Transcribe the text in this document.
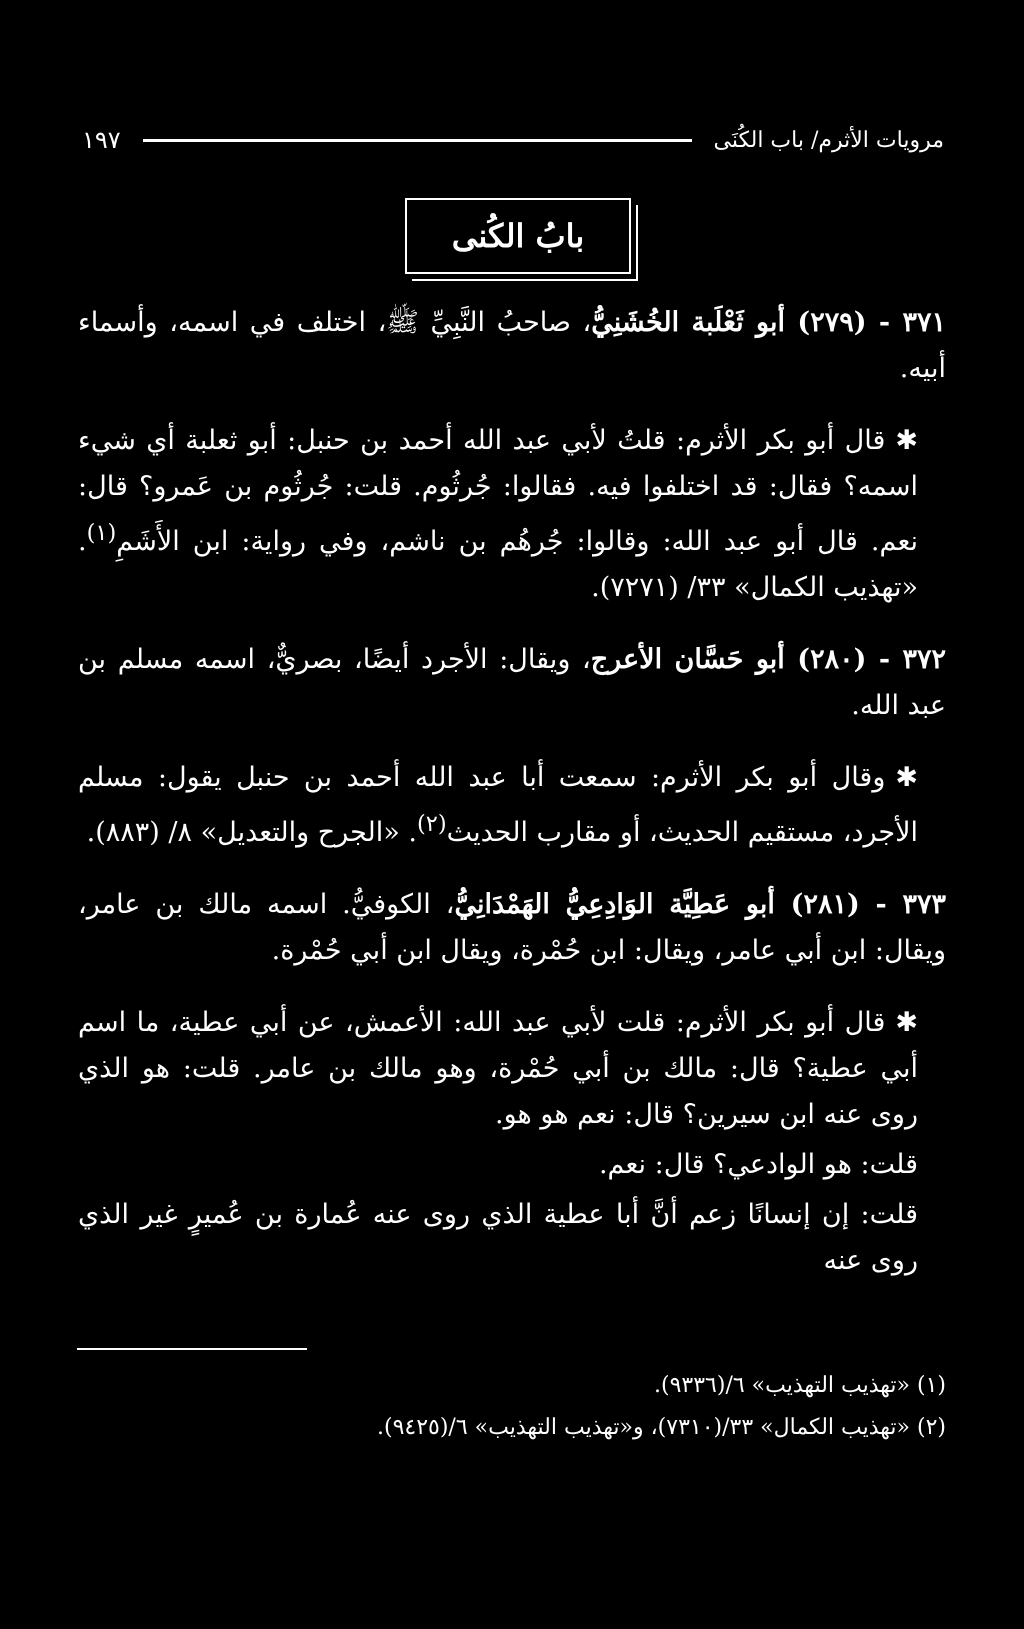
مرويات الأثرم/ باب الكُنَى
١٩٧
بابُ الكُنى

٣٧١ - (٢٧٩) أبو ثَعْلَبة الخُشَنِيُّ، صاحبُ النَّبِيِّ ﷺ، اختلف في اسمه، وأسماء أبيه.

✱قال أبو بكر الأثرم: قلتُ لأبي عبد الله أحمد بن حنبل: أبو ثعلبة أي شيء اسمه؟ فقال: قد اختلفوا فيه. فقالوا: جُرثُوم. قلت: جُرثُوم بن عَمرو؟ قال: نعم. قال أبو عبد الله: وقالوا: جُرهُم بن ناشم، وفي رواية: ابن الأَشَمِ$^{(١)}$. «تهذيب الكمال» ٣٣/ (٧٢٧١).

٣٧٢ - (٢٨٠) أبو حَسَّان الأعرج، ويقال: الأجرد أيضًا، بصريٌّ، اسمه مسلم بن عبد الله.

✱وقال أبو بكر الأثرم: سمعت أبا عبد الله أحمد بن حنبل يقول: مسلم الأجرد، مستقيم الحديث، أو مقارب الحديث$^{(٢)}$. «الجرح والتعديل» ٨/ (٨٨٣).

٣٧٣ - (٢٨١) أبو عَطِيَّة الوَادِعِيُّ الهَمْدَانِيُّ، الكوفيُّ. اسمه مالك بن عامر، ويقال: ابن أبي عامر، ويقال: ابن حُمْرة، ويقال ابن أبي حُمْرة.

✱قال أبو بكر الأثرم: قلت لأبي عبد الله: الأعمش، عن أبي عطية، ما اسم أبي عطية؟ قال: مالك بن أبي حُمْرة، وهو مالك بن عامر. قلت: هو الذي روى عنه ابن سيرين؟ قال: نعم هو هو.

قلت: هو الوادعي؟ قال: نعم.

قلت: إن إنسانًا زعم أنَّ أبا عطية الذي روى عنه عُمارة بن عُميرٍ غير الذي روى عنه

(١) «تهذيب التهذيب» ٦/(٩٣٣٦).

(٢) «تهذيب الكمال» ٣٣/(٧٣١٠)، و«تهذيب التهذيب» ٦/(٩٤٢٥).
